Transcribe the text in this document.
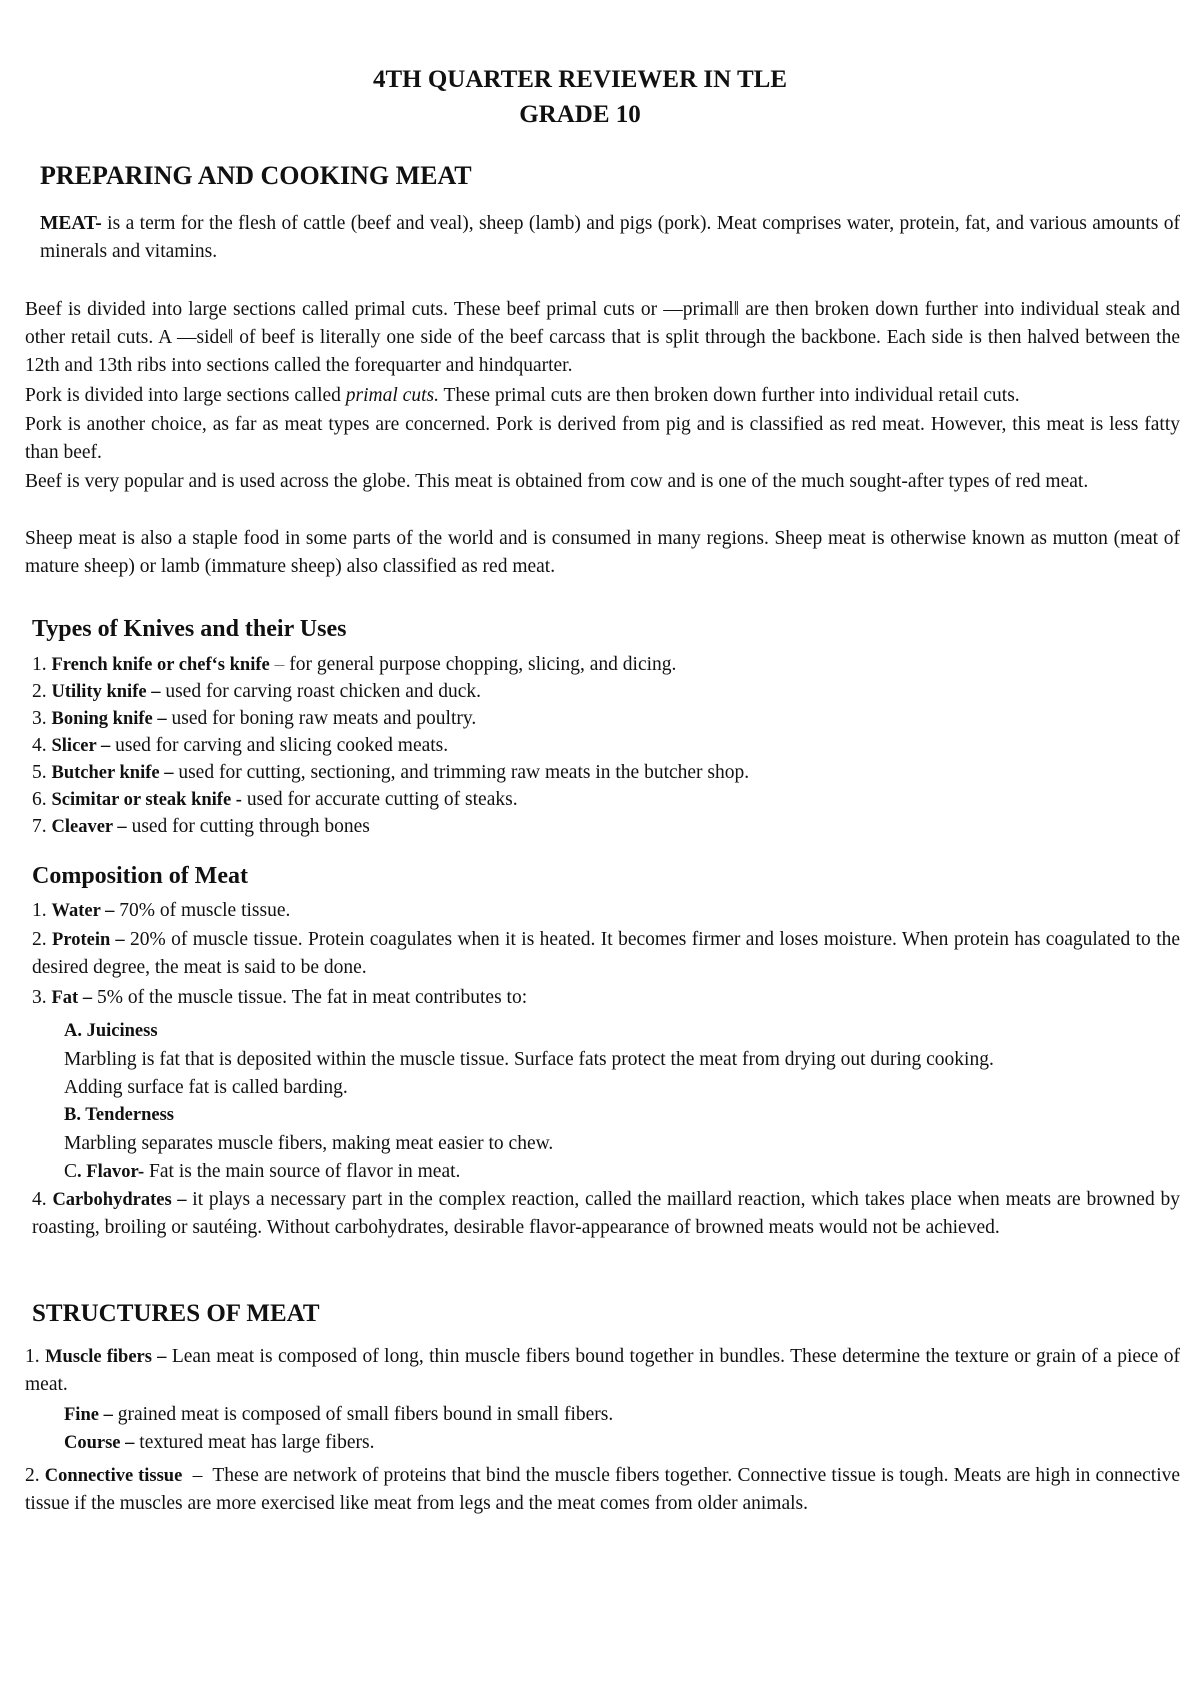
4TH QUARTER REVIEWER IN TLE
GRADE 10
PREPARING AND COOKING MEAT
MEAT- is a term for the flesh of cattle (beef and veal), sheep (lamb) and pigs (pork). Meat comprises water, protein, fat, and various amounts of minerals and vitamins.
Beef is divided into large sections called primal cuts. These beef primal cuts or ―primal‖ are then broken down further into individual steak and other retail cuts. A ―side‖ of beef is literally one side of the beef carcass that is split through the backbone. Each side is then halved between the 12th and 13th ribs into sections called the forequarter and hindquarter.
Pork is divided into large sections called primal cuts. These primal cuts are then broken down further into individual retail cuts.
Pork is another choice, as far as meat types are concerned. Pork is derived from pig and is classified as red meat. However, this meat is less fatty than beef.
Beef is very popular and is used across the globe. This meat is obtained from cow and is one of the much sought-after types of red meat.
Sheep meat is also a staple food in some parts of the world and is consumed in many regions. Sheep meat is otherwise known as mutton (meat of mature sheep) or lamb (immature sheep) also classified as red meat.
Types of Knives and their Uses
1. French knife or chef‘s knife – for general purpose chopping, slicing, and dicing.
2. Utility knife – used for carving roast chicken and duck.
3. Boning knife – used for boning raw meats and poultry.
4. Slicer – used for carving and slicing cooked meats.
5. Butcher knife – used for cutting, sectioning, and trimming raw meats in the butcher shop.
6. Scimitar or steak knife - used for accurate cutting of steaks.
7. Cleaver – used for cutting through bones
Composition of Meat
1. Water – 70% of muscle tissue.
2. Protein – 20% of muscle tissue. Protein coagulates when it is heated. It becomes firmer and loses moisture. When protein has coagulated to the desired degree, the meat is said to be done.
3. Fat – 5% of the muscle tissue. The fat in meat contributes to:
A. Juiciness
Marbling is fat that is deposited within the muscle tissue. Surface fats protect the meat from drying out during cooking.
Adding surface fat is called barding.
B. Tenderness
Marbling separates muscle fibers, making meat easier to chew.
C. Flavor- Fat is the main source of flavor in meat.
4. Carbohydrates – it plays a necessary part in the complex reaction, called the maillard reaction, which takes place when meats are browned by roasting, broiling or sautéing. Without carbohydrates, desirable flavor-appearance of browned meats would not be achieved.
STRUCTURES OF MEAT
1. Muscle fibers – Lean meat is composed of long, thin muscle fibers bound together in bundles. These determine the texture or grain of a piece of meat.
Fine – grained meat is composed of small fibers bound in small fibers.
Course – textured meat has large fibers.
2. Connective tissue  –  These are network of proteins that bind the muscle fibers together. Connective tissue is tough. Meats are high in connective tissue if the muscles are more exercised like meat from legs and the meat comes from older animals.
